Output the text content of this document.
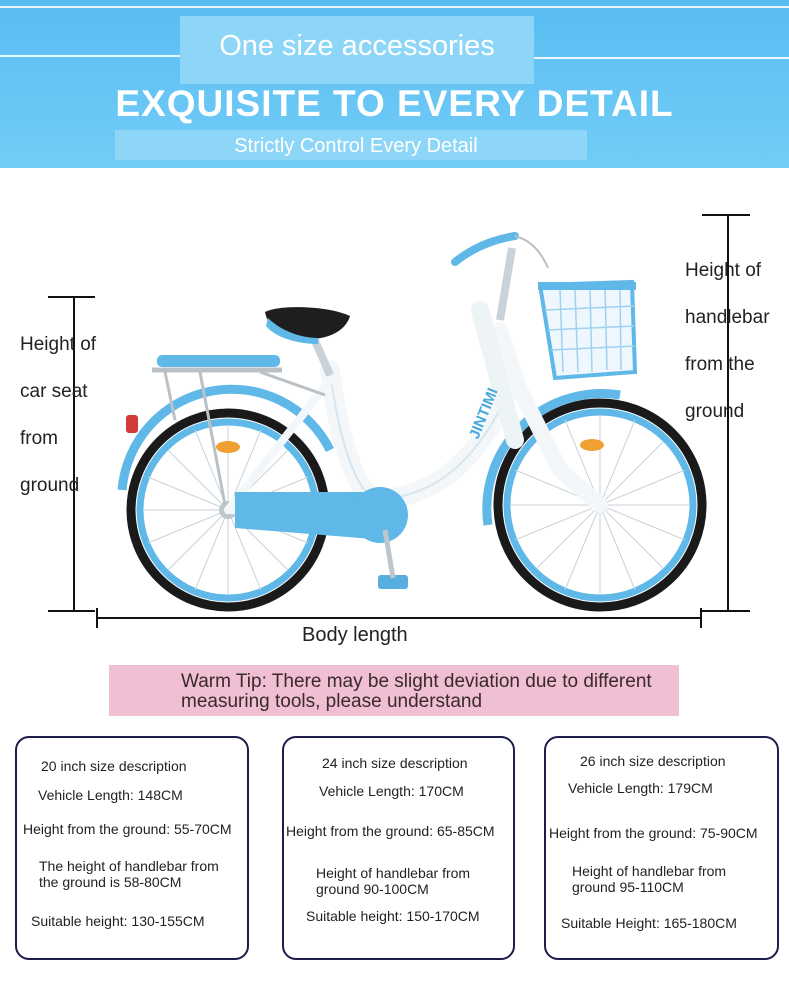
One size accessories
EXQUISITE TO EVERY DETAIL
Strictly Control Every Detail
Height of
car seat
from
ground
Height of
handlebar
from the
ground
Body length
JINTIMI
Warm Tip: There may be slight deviation due to different measuring tools, please understand
20 inch size description
Vehicle Length: 148CM
Height from the ground: 55-70CM
The height of handlebar from the ground is 58-80CM
Suitable height: 130-155CM
24 inch size description
Vehicle Length: 170CM
Height from the ground: 65-85CM
Height of handlebar from ground 90-100CM
Suitable height: 150-170CM
26 inch size description
Vehicle Length: 179CM
Height from the ground: 75-90CM
Height of handlebar from ground 95-110CM
Suitable Height: 165-180CM
